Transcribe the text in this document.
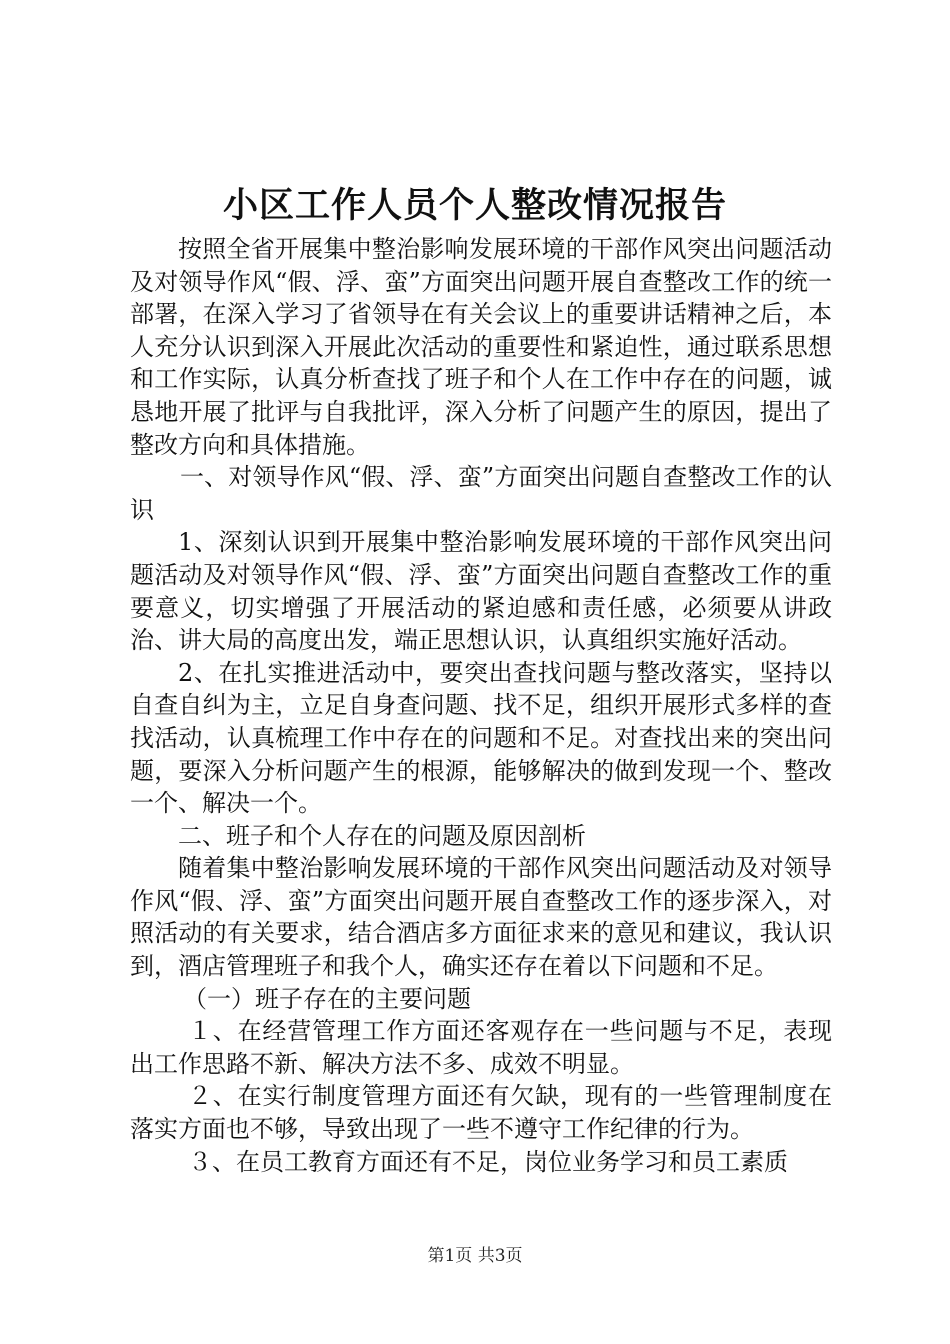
小区工作人员个人整改情况报告

按照全省开展集中整治影响发展环境的干部作风突出问题活动及对领导作风“假、浮、蛮”方面突出问题开展自查整改工作的统一部署，在深入学习了省领导在有关会议上的重要讲话精神之后，本人充分认识到深入开展此次活动的重要性和紧迫性，通过联系思想和工作实际，认真分析查找了班子和个人在工作中存在的问题，诚恳地开展了批评与自我批评，深入分析了问题产生的原因，提出了整改方向和具体措施。

一、对领导作风“假、浮、蛮”方面突出问题自查整改工作的认识

1、深刻认识到开展集中整治影响发展环境的干部作风突出问题活动及对领导作风“假、浮、蛮”方面突出问题自查整改工作的重要意义，切实增强了开展活动的紧迫感和责任感，必须要从讲政治、讲大局的高度出发，端正思想认识，认真组织实施好活动。

2、在扎实推进活动中，要突出查找问题与整改落实，坚持以自查自纠为主，立足自身查问题、找不足，组织开展形式多样的查找活动，认真梳理工作中存在的问题和不足。对查找出来的突出问题，要深入分析问题产生的根源，能够解决的做到发现一个、整改一个、解决一个。

二、班子和个人存在的问题及原因剖析

随着集中整治影响发展环境的干部作风突出问题活动及对领导作风“假、浮、蛮”方面突出问题开展自查整改工作的逐步深入，对照活动的有关要求，结合酒店多方面征求来的意见和建议，我认识到，酒店管理班子和我个人，确实还存在着以下问题和不足。

（一）班子存在的主要问题

１、在经营管理工作方面还客观存在一些问题与不足，表现出工作思路不新、解决方法不多、成效不明显。

２、在实行制度管理方面还有欠缺，现有的一些管理制度在落实方面也不够，导致出现了一些不遵守工作纪律的行为。

３、在员工教育方面还有不足，岗位业务学习和员工素质

第1页 共3页
